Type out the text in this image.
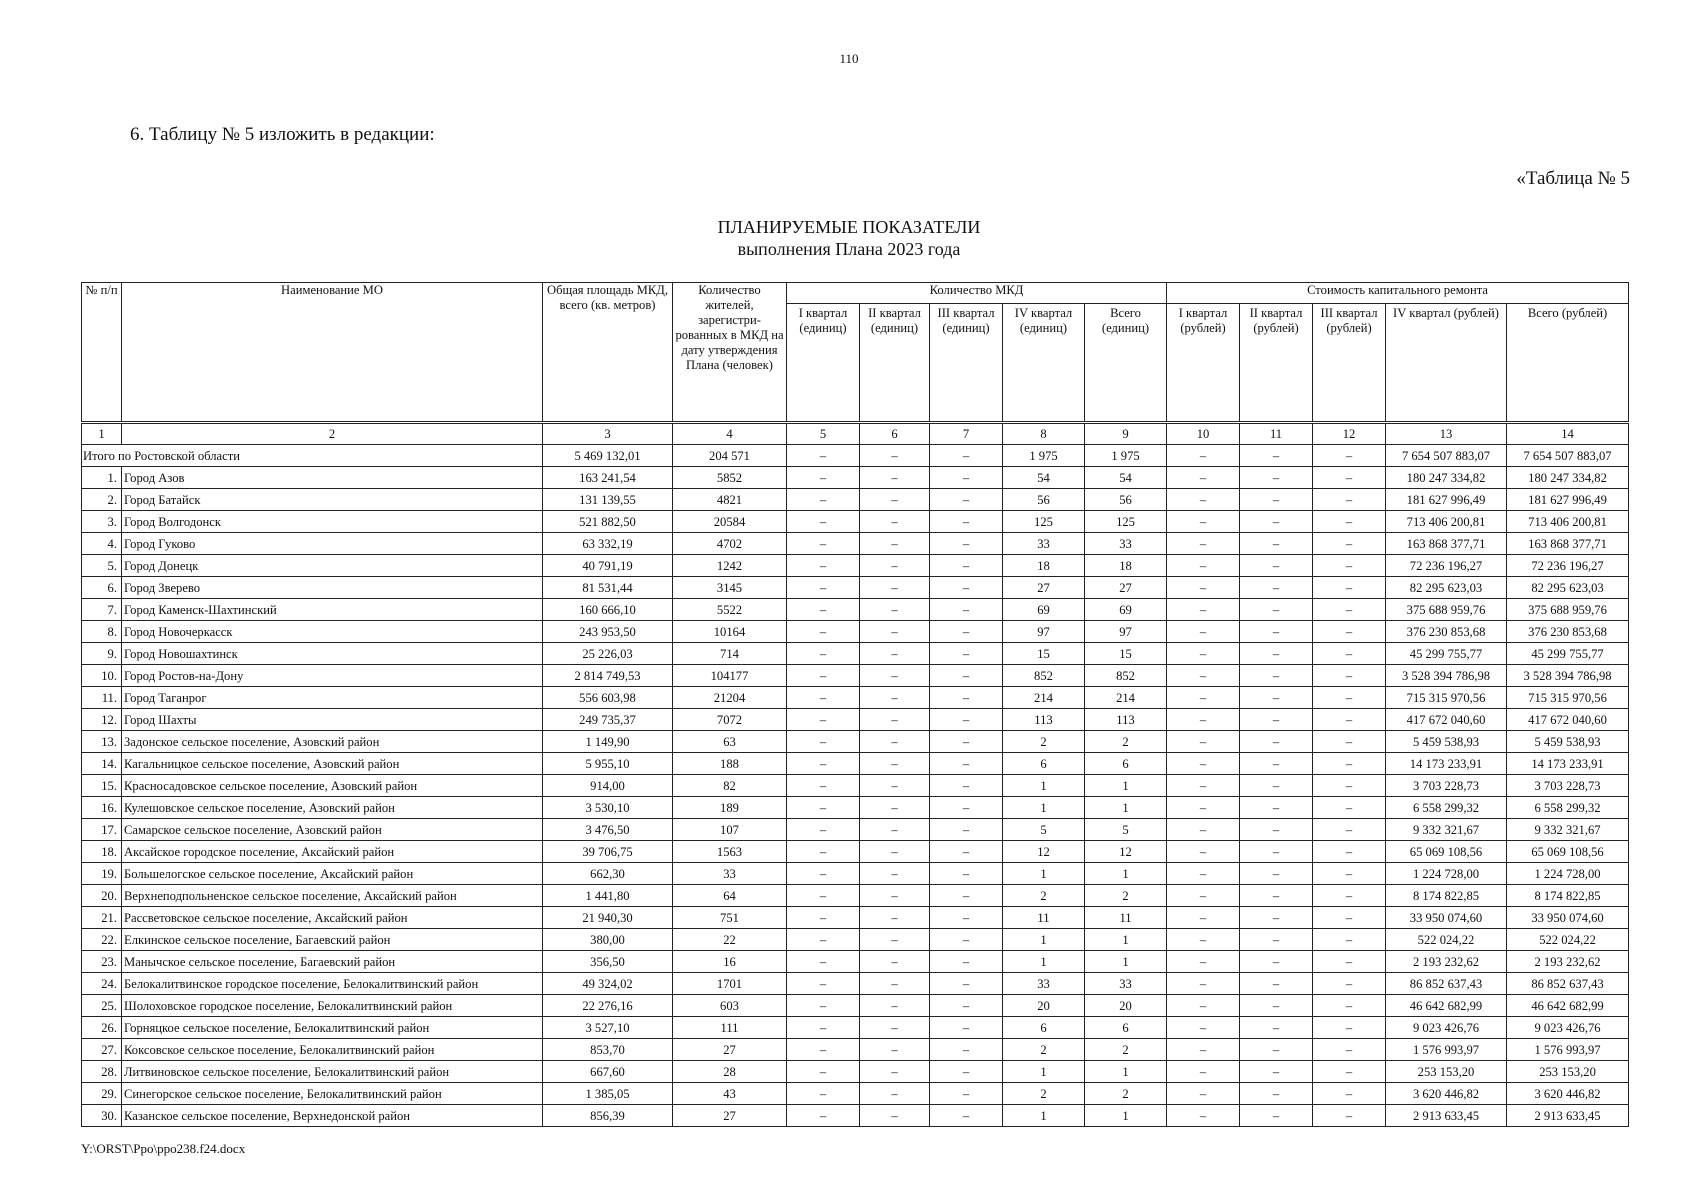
110
6. Таблицу № 5 изложить в редакции:
«Таблица № 5
ПЛАНИРУЕМЫЕ ПОКАЗАТЕЛИ
выполнения Плана 2023 года
№ п/п	Наименование МО	Общая площадь МКД, всего (кв. метров)	Количество жителей, зарегистри-рованных в МКД на дату утверждения Плана (человек)	Количество МКД					Стоимость капитального ремонта				
				I квартал (единиц)	II квартал (единиц)	III квартал (единиц)	IV квартал (единиц)	Всего (единиц)	I квартал (рублей)	II квартал (рублей)	III квартал (рублей)	IV квартал (рублей)	Всего (рублей)
1	2	3	4	5	6	7	8	9	10	11	12	13	14
Итого по Ростовской области		5 469 132,01	204 571	–	–	–	1 975	1 975	–	–	–	7 654 507 883,07	7 654 507 883,07
1.	Город Азов	163 241,54	5852	–	–	–	54	54	–	–	–	180 247 334,82	180 247 334,82
2.	Город Батайск	131 139,55	4821	–	–	–	56	56	–	–	–	181 627 996,49	181 627 996,49
3.	Город Волгодонск	521 882,50	20584	–	–	–	125	125	–	–	–	713 406 200,81	713 406 200,81
4.	Город Гуково	63 332,19	4702	–	–	–	33	33	–	–	–	163 868 377,71	163 868 377,71
5.	Город Донецк	40 791,19	1242	–	–	–	18	18	–	–	–	72 236 196,27	72 236 196,27
6.	Город Зверево	81 531,44	3145	–	–	–	27	27	–	–	–	82 295 623,03	82 295 623,03
7.	Город Каменск-Шахтинский	160 666,10	5522	–	–	–	69	69	–	–	–	375 688 959,76	375 688 959,76
8.	Город Новочеркасск	243 953,50	10164	–	–	–	97	97	–	–	–	376 230 853,68	376 230 853,68
9.	Город Новошахтинск	25 226,03	714	–	–	–	15	15	–	–	–	45 299 755,77	45 299 755,77
10.	Город Ростов-на-Дону	2 814 749,53	104177	–	–	–	852	852	–	–	–	3 528 394 786,98	3 528 394 786,98
11.	Город Таганрог	556 603,98	21204	–	–	–	214	214	–	–	–	715 315 970,56	715 315 970,56
12.	Город Шахты	249 735,37	7072	–	–	–	113	113	–	–	–	417 672 040,60	417 672 040,60
13.	Задонское сельское поселение, Азовский район	1 149,90	63	–	–	–	2	2	–	–	–	5 459 538,93	5 459 538,93
14.	Кагальницкое сельское поселение, Азовский район	5 955,10	188	–	–	–	6	6	–	–	–	14 173 233,91	14 173 233,91
15.	Красносадовское сельское поселение, Азовский район	914,00	82	–	–	–	1	1	–	–	–	3 703 228,73	3 703 228,73
16.	Кулешовское сельское поселение, Азовский район	3 530,10	189	–	–	–	1	1	–	–	–	6 558 299,32	6 558 299,32
17.	Самарское сельское поселение, Азовский район	3 476,50	107	–	–	–	5	5	–	–	–	9 332 321,67	9 332 321,67
18.	Аксайское городское поселение, Аксайский район	39 706,75	1563	–	–	–	12	12	–	–	–	65 069 108,56	65 069 108,56
19.	Большелогское сельское поселение, Аксайский район	662,30	33	–	–	–	1	1	–	–	–	1 224 728,00	1 224 728,00
20.	Верхнеподпольненское сельское поселение, Аксайский район	1 441,80	64	–	–	–	2	2	–	–	–	8 174 822,85	8 174 822,85
21.	Рассветовское сельское поселение, Аксайский район	21 940,30	751	–	–	–	11	11	–	–	–	33 950 074,60	33 950 074,60
22.	Елкинское сельское поселение, Багаевский район	380,00	22	–	–	–	1	1	–	–	–	522 024,22	522 024,22
23.	Манычское сельское поселение, Багаевский район	356,50	16	–	–	–	1	1	–	–	–	2 193 232,62	2 193 232,62
24.	Белокалитвинское городское поселение, Белокалитвинский район	49 324,02	1701	–	–	–	33	33	–	–	–	86 852 637,43	86 852 637,43
25.	Шолоховское городское поселение, Белокалитвинский район	22 276,16	603	–	–	–	20	20	–	–	–	46 642 682,99	46 642 682,99
26.	Горняцкое сельское поселение, Белокалитвинский район	3 527,10	111	–	–	–	6	6	–	–	–	9 023 426,76	9 023 426,76
27.	Коксовское сельское поселение, Белокалитвинский район	853,70	27	–	–	–	2	2	–	–	–	1 576 993,97	1 576 993,97
28.	Литвиновское сельское поселение, Белокалитвинский район	667,60	28	–	–	–	1	1	–	–	–	253 153,20	253 153,20
29.	Синегорское сельское поселение, Белокалитвинский район	1 385,05	43	–	–	–	2	2	–	–	–	3 620 446,82	3 620 446,82
30.	Казанское сельское поселение, Верхнедонской район	856,39	27	–	–	–	1	1	–	–	–	2 913 633,45	2 913 633,45
Y:\ORST\Ppo\ppo238.f24.docx
